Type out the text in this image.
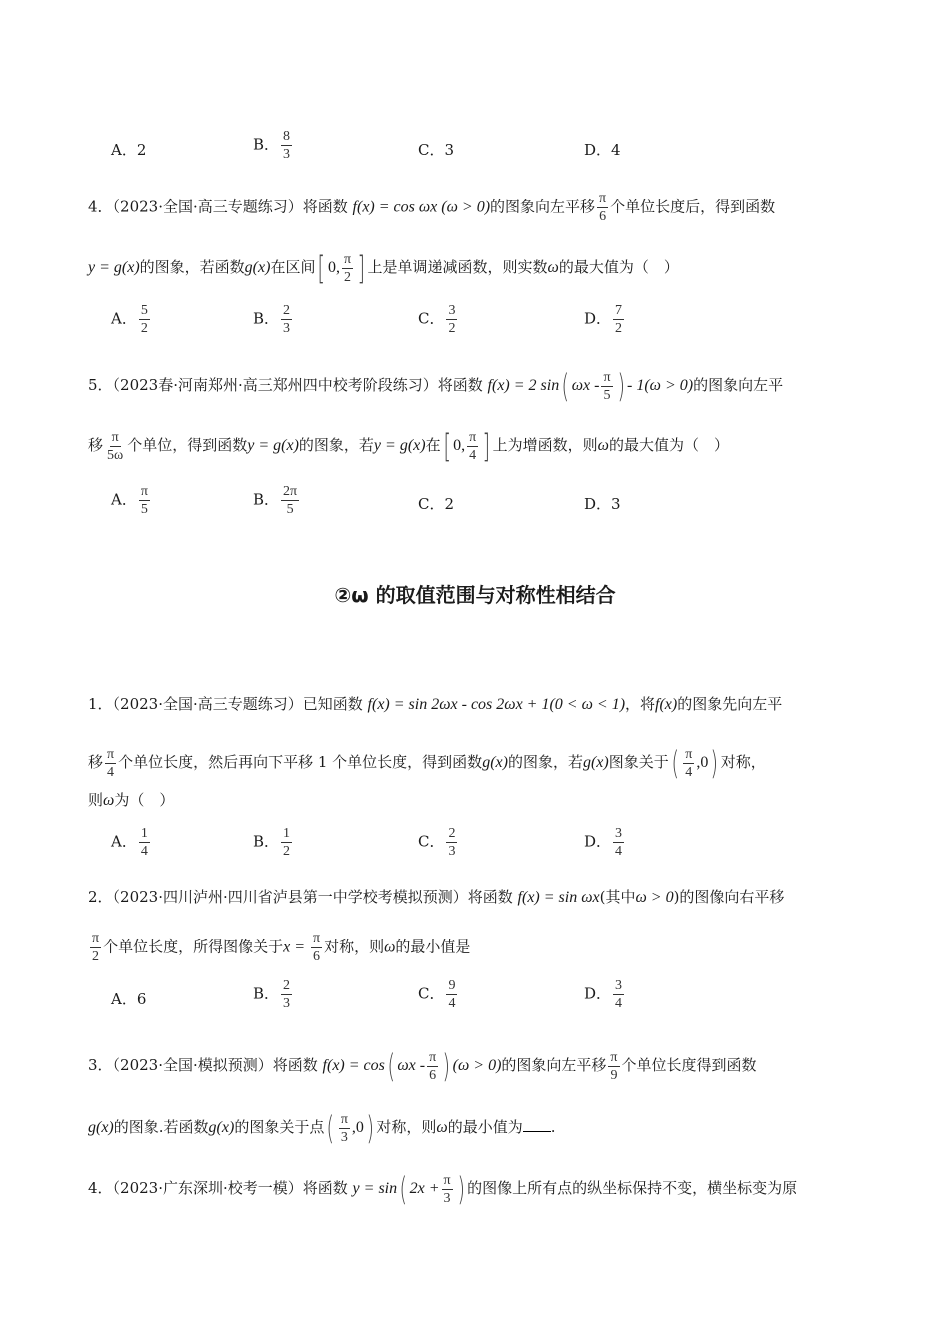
A．2	B． $\frac{8}{3}$	C．3	D．4
4．（2023·全国·高三专题练习）将函数 f(x) = cos ωx (ω > 0)的图象向左平移 $\frac{\pi}{6}$ 个单位长度后，得到函数
y = g(x)的图象，若函数g(x)在区间 [ 0, $\frac{\pi}{2}$ ] 上是单调递减函数，则实数ω的最大值为（　）
A． $\frac{5}{2}$	B． $\frac{2}{3}$	C． $\frac{3}{2}$	D． $\frac{7}{2}$
5．（2023春·河南郑州·高三郑州四中校考阶段练习）将函数 f(x) = 2 sin ( ωx - $\frac{\pi}{5}$ ) - 1(ω > 0)的图象向左平
移 $\frac{\pi}{5\omega}$ 个单位，得到函数y = g(x)的图象，若y = g(x)在 [ 0, $\frac{\pi}{4}$ ] 上为增函数，则ω的最大值为（　）
A． $\frac{\pi}{5}$	B． $\frac{2\pi}{5}$	C．2	D．3
②ω 的取值范围与对称性相结合
1．（2023·全国·高三专题练习）已知函数 f(x) = sin 2ωx - cos 2ωx + 1(0 < ω < 1)，将f(x)的图象先向左平
移 $\frac{\pi}{4}$ 个单位长度，然后再向下平移 1 个单位长度，得到函数g(x)的图象，若g(x)图象关于 ( $\frac{\pi}{4} ,0$ ) 对称，
则ω为（　）
A． $\frac{1}{4}$	B． $\frac{1}{2}$	C． $\frac{2}{3}$	D． $\frac{3}{4}$
2．（2023·四川泸州·四川省泸县第一中学校考模拟预测）将函数 f(x) = sin ωx(其中ω > 0)的图像向右平移
$\frac{\pi}{2}$ 个单位长度，所得图像关于$x = \frac{\pi}{6}$ 对称，则ω的最小值是
A．6	B． $\frac{2}{3}$	C． $\frac{9}{4}$	D． $\frac{3}{4}$
3．（2023·全国·模拟预测）将函数 f(x) = cos ( ωx - $\frac{\pi}{6}$ ) (ω > 0)的图象向左平移 $\frac{\pi}{9}$ 个单位长度得到函数
g(x)的图象.若函数g(x)的图象关于点 ( $\frac{\pi}{3} ,0$ ) 对称，则ω的最小值为 .
4．（2023·广东深圳·校考一模）将函数 y = sin ( $2x + \frac{\pi}{3}$ ) 的图像上所有点的纵坐标保持不变，横坐标变为原
